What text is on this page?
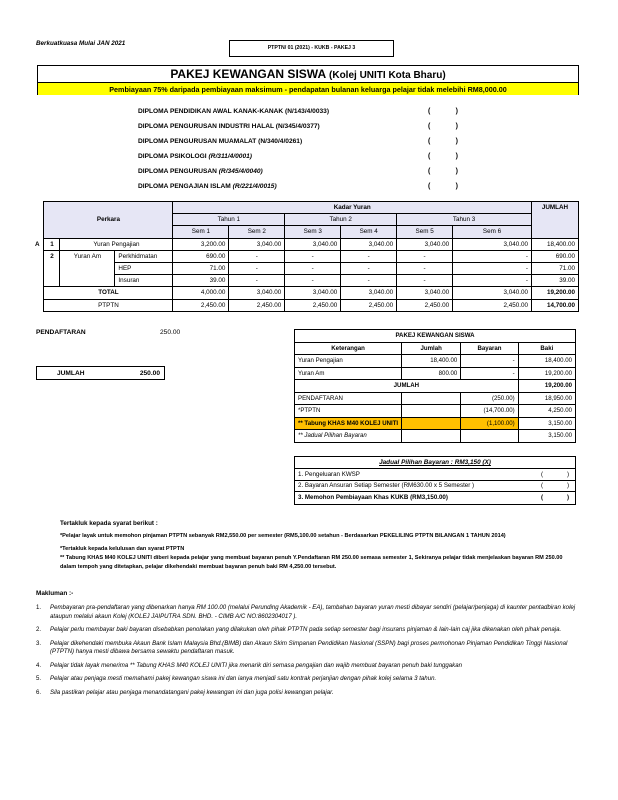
Berkuatkuasa Mulai JAN 2021
PTPTN/ 01 (2021) - KUKB - PAKEJ 3
PAKEJ KEWANGAN SISWA (Kolej UNITI Kota Bharu)
Pembiayaan 75% daripada pembiayaan maksimum - pendapatan bulanan keluarga pelajar tidak melebihi RM8,000.00
DIPLOMA PENDIDIKAN AWAL KANAK-KANAK (N/143/4/0033)	(	)
DIPLOMA PENGURUSAN INDUSTRI HALAL (N/345/4/0377)	(	)
DIPLOMA PENGURUSAN MUAMALAT (N/340/4/0261)	(	)
DIPLOMA PSIKOLOGI (R/311/4/0001)	(	)
DIPLOMA PENGURUSAN (R/345/4/0040)	(	)
DIPLOMA PENGAJIAN ISLAM (R/221/4/0015)	(	)
	Perkara			Kadar Yuran						JUMLAH
				Tahun 1		Tahun 2		Tahun 3		
				Sem 1	Sem 2	Sem 3	Sem 4	Sem 5	Sem 6	
A	1	Yuran Pengajian		3,200.00	3,040.00	3,040.00	3,040.00	3,040.00	3,040.00	18,400.00
	2	Yuran Am	Perkhidmatan	690.00	-	-	-	-	-	690.00
			HEP	71.00	-	-	-	-	-	71.00
			Insuran	39.00	-	-	-	-	-	39.00
	TOTAL			4,000.00	3,040.00	3,040.00	3,040.00	3,040.00	3,040.00	19,200.00
	PTPTN			2,450.00	2,450.00	2,450.00	2,450.00	2,450.00	2,450.00	14,700.00
PENDAFTARAN	250.00
JUMLAH	250.00
PAKEJ KEWANGAN SISWA			
Keterangan	Jumlah	Bayaran	Baki
Yuran Pengajian	18,400.00	-	18,400.00
Yuran Am	800.00	-	19,200.00
JUMLAH			19,200.00
PENDAFTARAN		(250.00)	18,950.00
*PTPTN		(14,700.00)	4,250.00
** Tabung KHAS M40 KOLEJ UNITI		(1,100.00)	3,150.00
** Jadual Pilihan Bayaran			3,150.00
Jadual Pilihan Bayaran : RM3,150 (X)
1. Pengeluaran KWSP	(	)
2. Bayaran Ansuran Setiap Semester (RM630.00 x 5 Semester )	(	)
3. Memohon Pembiayaan Khas KUKB (RM3,150.00)	(	)
Tertakluk kepada syarat berikut :
*Pelajar layak untuk memohon pinjaman PTPTN sebanyak RM2,550.00 per semester (RM5,100.00 setahun - Berdasarkan PEKELILING PTPTN BILANGAN 1 TAHUN 2014)
*Tertakluk kepada kelulusan dan syarat PTPTN
** Tabung KHAS M40 KOLEJ UNITI diberi kepada pelajar yang membuat bayaran penuh Y.Pendaftaran RM 250.00 semasa semester 1, Sekiranya pelajar tidak menjelaskan bayaran RM 250.00 dalam tempoh yang ditetapkan, pelajar dikehendaki membuat bayaran penuh baki RM 4,250.00 tersebut.
Makluman :-
1.	Pembayaran pra-pendaftaran yang dibenarkan hanya RM 100.00 (melalui Perunding Akademik - EA), tambahan bayaran yuran mesti dibayar sendiri (pelajar/penjaga) di kaunter pentadbiran kolej ataupun melalui akaun Kolej (KOLEJ JAIPUTRA SDN. BHD. - CIMB A/C NO:8602304017 ).
2.	Pelajar perlu membayar baki bayaran disebabkan penolakan yang dilakukan oleh pihak PTPTN pada setiap semester bagi insurans pinjaman & lain-lain caj jika dikenakan oleh pihak penaja.
3.	Pelajar dikehendaki membuka Akaun Bank Islam Malaysia Bhd.(BIMB) dan Akaun Skim Simpanan Pendidikan Nasional (SSPN) bagi proses permohonan Pinjaman Pendidikan Tinggi Nasional (PTPTN) hanya mesti dibawa bersama sewaktu pendaftaran masuk.
4.	Pelajar tidak layak menerima ** Tabung KHAS M40 KOLEJ UNITI jika menarik diri semasa pengajian dan wajib membuat bayaran penuh baki tunggakan
5.	Pelajar atau penjaga mesti memahami pakej kewangan siswa ini dan ianya menjadi satu kontrak perjanjian dengan pihak kolej selama 3 tahun.
6.	Sila pastikan pelajar atau penjaga menandatangani pakej kewangan ini dan juga polisi kewangan pelajar.
